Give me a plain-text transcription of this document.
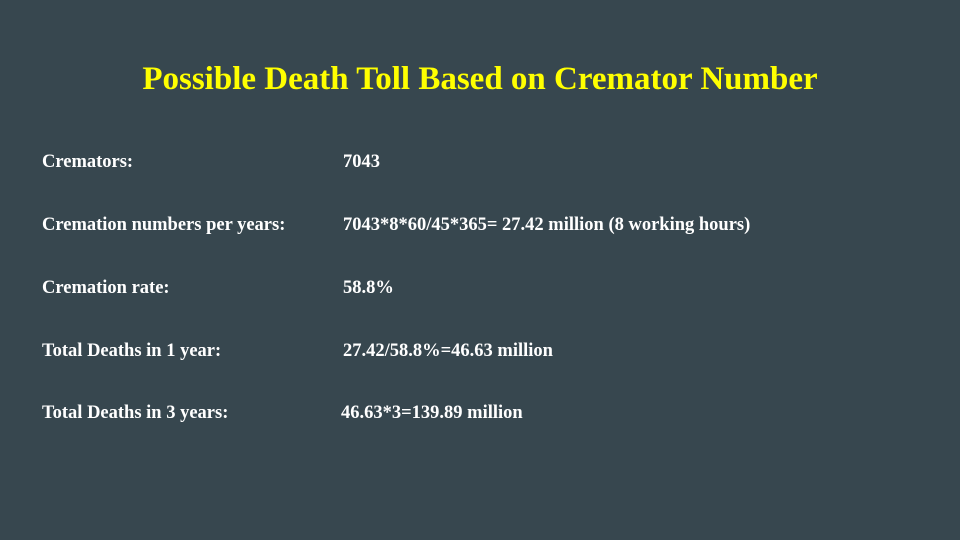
Possible Death Toll Based on Cremator Number
Cremators:	7043
Cremation numbers per years:	7043*8*60/45*365= 27.42 million (8 working hours)
Cremation rate:	58.8%
Total Deaths in 1 year:	27.42/58.8%=46.63 million
Total Deaths in 3 years:	46.63*3=139.89 million
